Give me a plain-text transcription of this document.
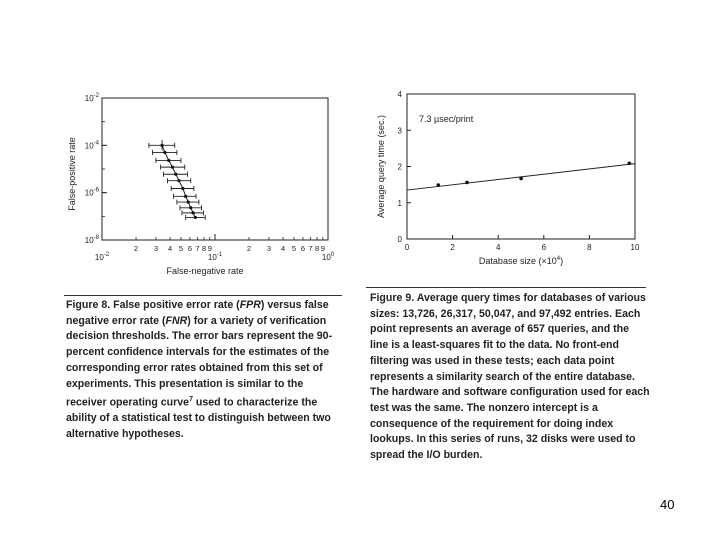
$10^{-2}$	$10^{-1}$	$10^0$
2 3 4 5 6 7 8 9	2 3 4 5 6 7 8 9
$10^{-2}$
$10^{-4}$
$10^{-6}$
$10^{-8}$
False-negative rate
False-positive rate
0	2	4	6	8	10
0
1
2
3
4
7.3 µsec/print
Database size $(\times 10^4)$
Average query time (sec.)
Figure 8. False positive error rate (FPR) versus false negative error rate (FNR) for a variety of verification decision thresholds. The error bars represent the 90-percent confidence intervals for the estimates of the corresponding error rates obtained from this set of experiments. This presentation is similar to the receiver operating curve$^7$ used to characterize the ability of a statistical test to distinguish between two alternative hypotheses.
Figure 9. Average query times for databases of various sizes: 13,726, 26,317, 50,047, and 97,492 entries. Each point represents an average of 657 queries, and the line is a least-squares fit to the data. No front-end filtering was used in these tests; each data point represents a similarity search of the entire database. The hardware and software configuration used for each test was the same. The nonzero intercept is a consequence of the requirement for doing index lookups. In this series of runs, 32 disks were used to spread the I/O burden.
40
